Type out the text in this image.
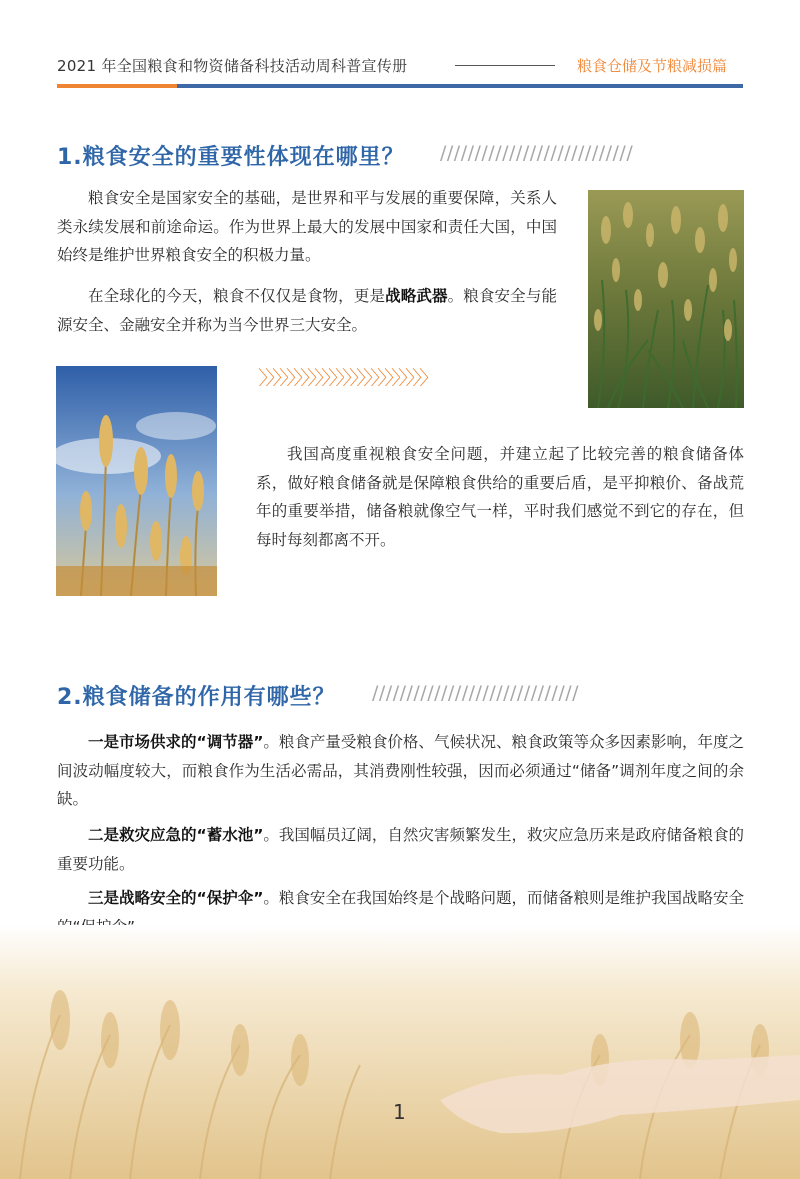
2021 年全国粮食和物资储备科技活动周科普宣传册	粮食仓储及节粮减损篇
1.粮食安全的重要性体现在哪里？ ////////////////////////////

粮食安全是国家安全的基础，是世界和平与发展的重要保障，关系人类永续发展和前途命运。作为世界上最大的发展中国家和责任大国，中国始终是维护世界粮食安全的积极力量。

在全球化的今天，粮食不仅仅是食物，更是战略武器。粮食安全与能源安全、金融安全并称为当今世界三大安全。

〉〉〉〉〉〉〉〉〉〉〉〉〉〉〉〉〉〉〉〉〉〉〉〉

我国高度重视粮食安全问题，并建立起了比较完善的粮食储备体系，做好粮食储备就是保障粮食供给的重要后盾，是平抑粮价、备战荒年的重要举措，储备粮就像空气一样，平时我们感觉不到它的存在，但每时每刻都离不开。

2.粮食储备的作用有哪些？ //////////////////////////////

一是市场供求的“调节器”。粮食产量受粮食价格、气候状况、粮食政策等众多因素影响，年度之间波动幅度较大，而粮食作为生活必需品，其消费刚性较强，因而必须通过“储备”调剂年度之间的余缺。

二是救灾应急的“蓄水池”。我国幅员辽阔，自然灾害频繁发生，救灾应急历来是政府储备粮食的重要功能。

三是战略安全的“保护伞”。粮食安全在我国始终是个战略问题，而储备粮则是维护我国战略安全

1
